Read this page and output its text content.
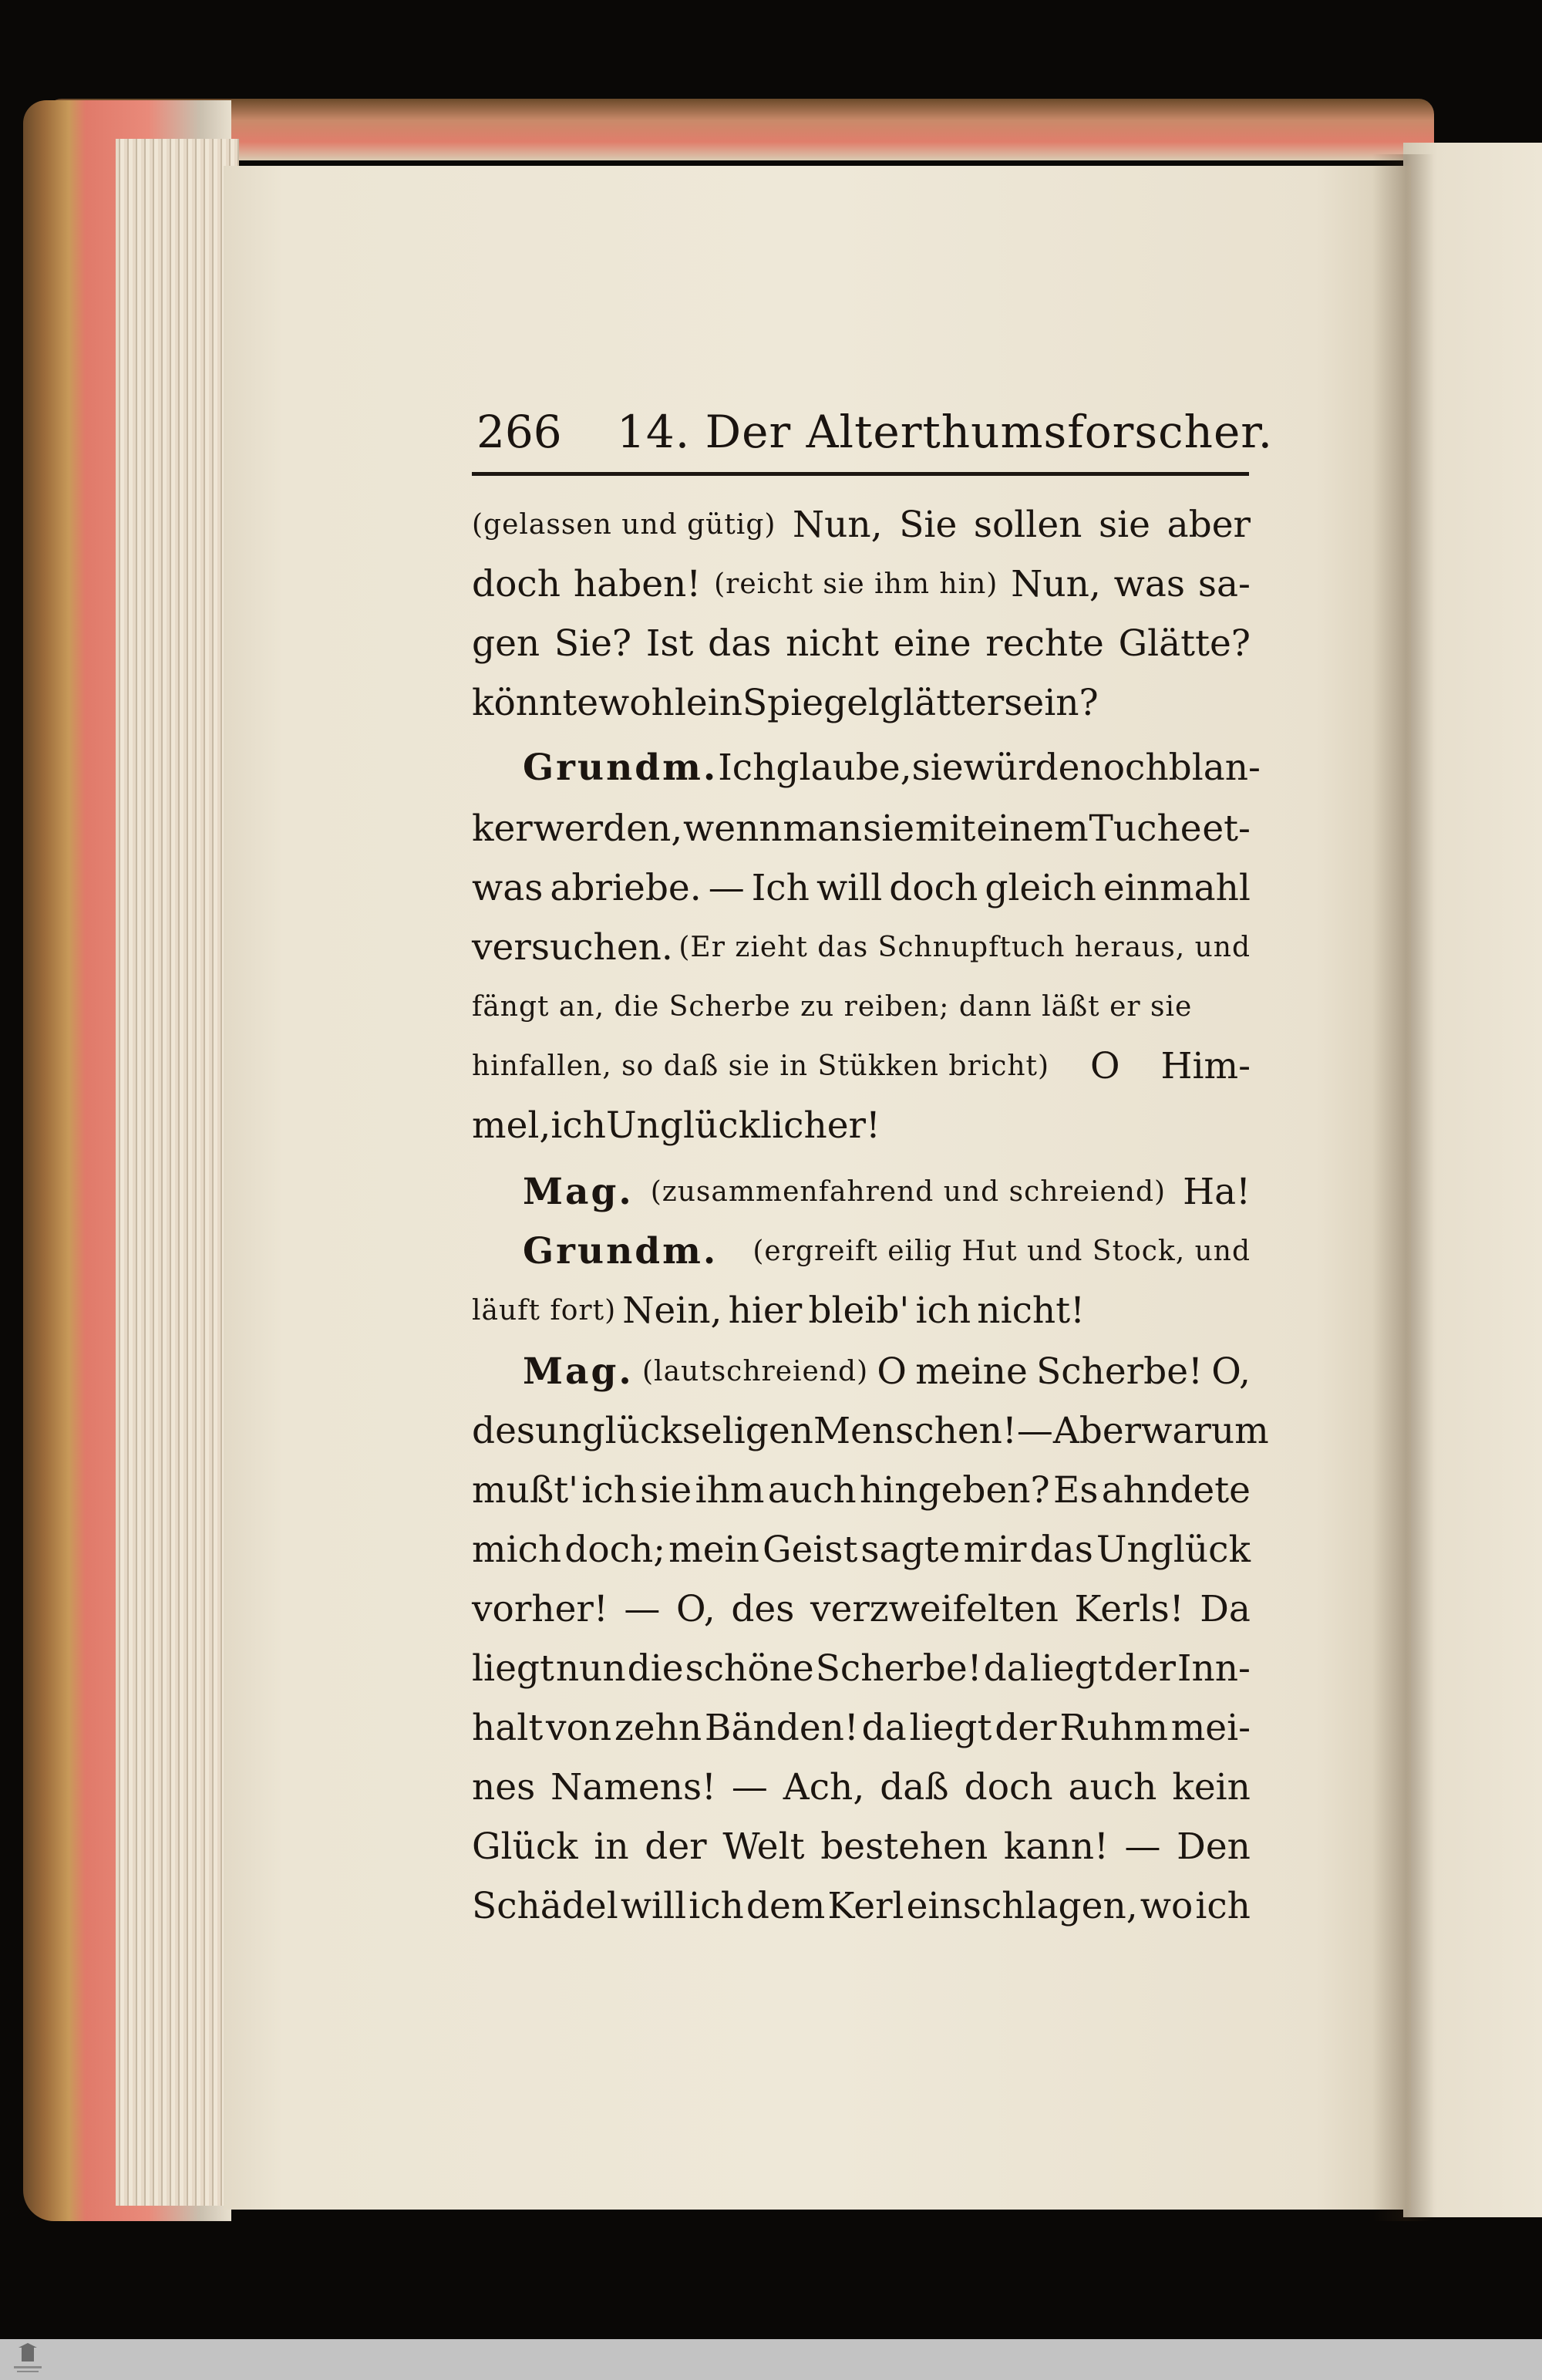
266 14. Der Alterthumsforscher.
(gelassen und gütig) Nun, Sie sollen sie aber
doch haben! (reicht sie ihm hin) Nun, was sa-
gen Sie? Ist das nicht eine rechte Glätte?
könnte wohl ein Spiegel glätter sein?
Grundm. Ich glaube, sie würde noch blan-
ker werden, wenn man sie mit einem Tuche et-
was abriebe. — Ich will doch gleich einmahl
versuchen. (Er zieht das Schnupftuch heraus, und
fängt an, die Scherbe zu reiben; dann läßt er sie
hinfallen, so daß sie in Stükken bricht) O Him-
mel, ich Unglücklicher!
Mag. (zusammenfahrend und schreiend) Ha!
Grundm. (ergreift eilig Hut und Stock, und
läuft fort) Nein, hier bleib' ich nicht!
Mag. (lautschreiend) O meine Scherbe! O,
des unglückseligen Menschen! — Aber warum
mußt' ich sie ihm auch hingeben? Es ahndete
mich doch; mein Geist sagte mir das Unglück
vorher! — O, des verzweifelten Kerls! Da
liegt nun die schöne Scherbe! da liegt der Inn-
halt von zehn Bänden! da liegt der Ruhm mei-
nes Namens! — Ach, daß doch auch kein
Glück in der Welt bestehen kann! — Den
Schädel will ich dem Kerl einschlagen, wo ich
